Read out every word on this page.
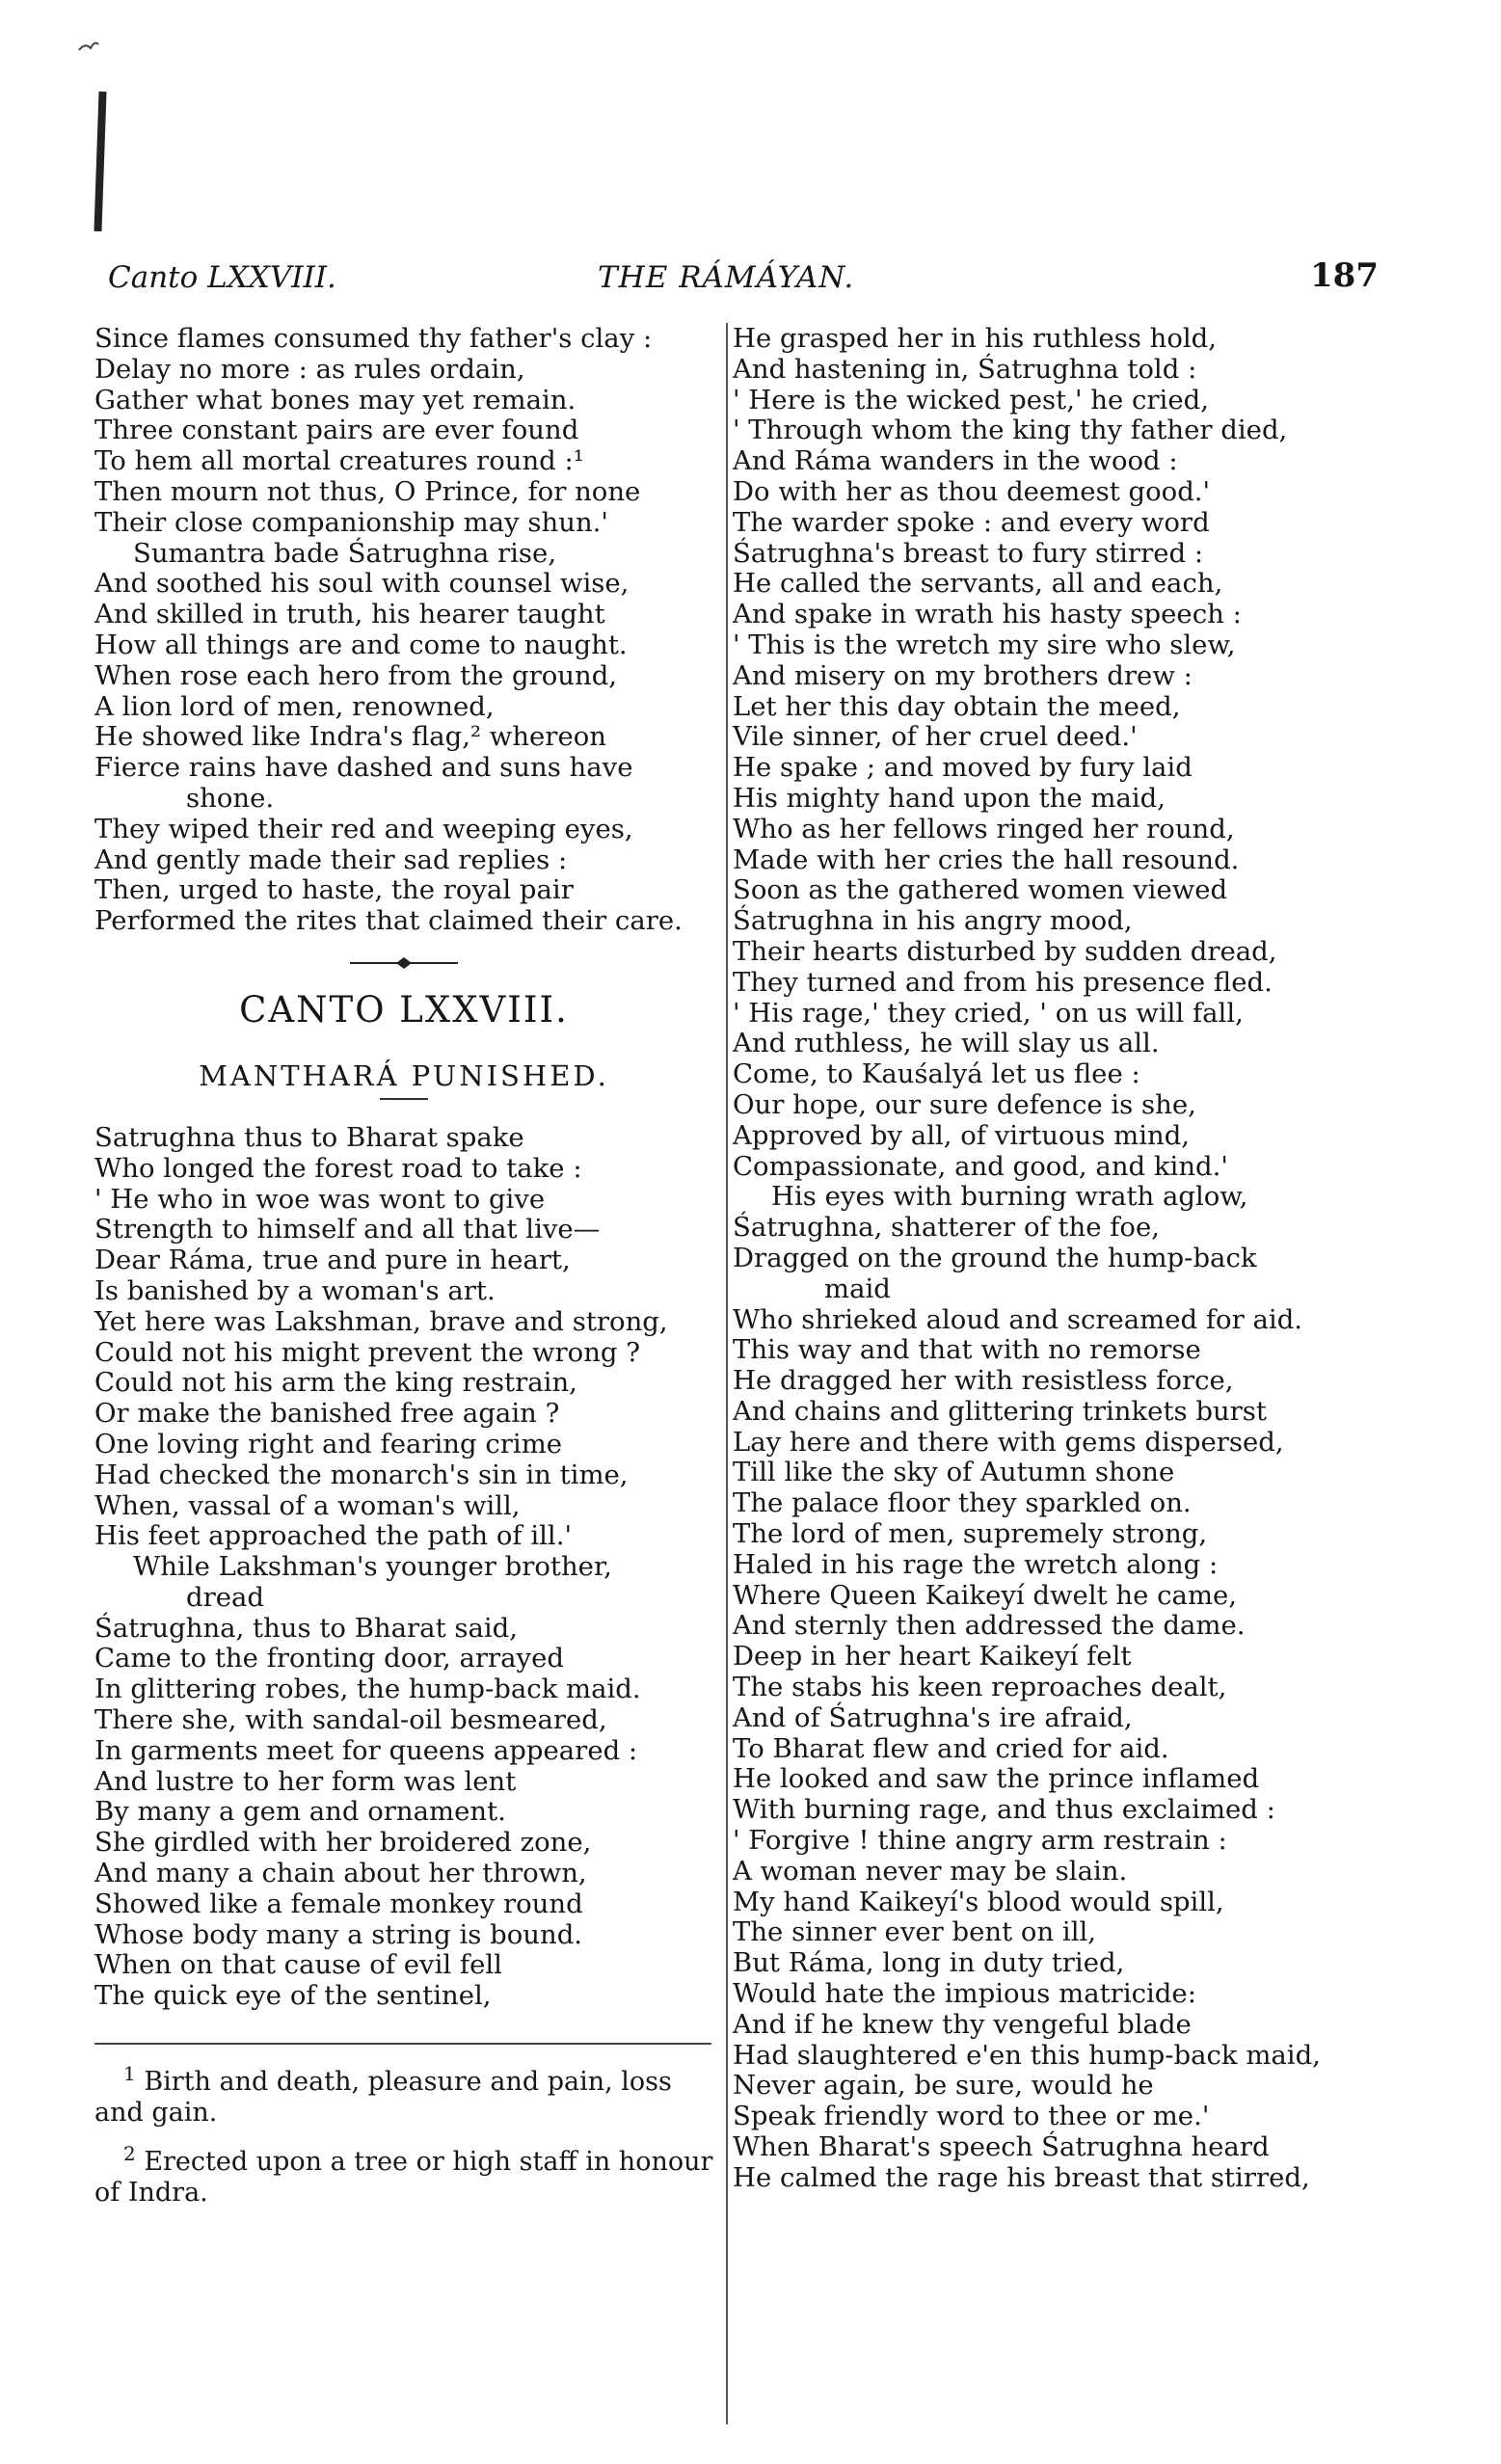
Canto LXXVIII.	THE RÁMÁYAN.	187
Since flames consumed thy father's clay :
Delay no more : as rules ordain,
Gather what bones may yet remain.
Three constant pairs are ever found
To hem all mortal creatures round :¹
Then mourn not thus, O Prince, for none
Their close companionship may shun.'
Sumantra bade Śatrughna rise,
And soothed his soul with counsel wise,
And skilled in truth, his hearer taught
How all things are and come to naught.
When rose each hero from the ground,
A lion lord of men, renowned,
He showed like Indra's flag,² whereon
Fierce rains have dashed and suns have
shone.
They wiped their red and weeping eyes,
And gently made their sad replies :
Then, urged to haste, the royal pair
Performed the rites that claimed their care.
CANTO LXXVIII.
MANTHARÁ PUNISHED.
Satrughna thus to Bharat spake
Who longed the forest road to take :
' He who in woe was wont to give
Strength to himself and all that live—
Dear Ráma, true and pure in heart,
Is banished by a woman's art.
Yet here was Lakshman, brave and strong,
Could not his might prevent the wrong ?
Could not his arm the king restrain,
Or make the banished free again ?
One loving right and fearing crime
Had checked the monarch's sin in time,
When, vassal of a woman's will,
His feet approached the path of ill.'
While Lakshman's younger brother,
dread
Śatrughna, thus to Bharat said,
Came to the fronting door, arrayed
In glittering robes, the hump-back maid.
There she, with sandal-oil besmeared,
In garments meet for queens appeared :
And lustre to her form was lent
By many a gem and ornament.
She girdled with her broidered zone,
And many a chain about her thrown,
Showed like a female monkey round
Whose body many a string is bound.
When on that cause of evil fell
The quick eye of the sentinel,
$^1$ Birth and death, pleasure and pain, loss and gain.
$^2$ Erected upon a tree or high staff in honour of Indra.
He grasped her in his ruthless hold,
And hastening in, Śatrughna told :
' Here is the wicked pest,' he cried,
' Through whom the king thy father died,
And Ráma wanders in the wood :
Do with her as thou deemest good.'
The warder spoke : and every word
Śatrughna's breast to fury stirred :
He called the servants, all and each,
And spake in wrath his hasty speech :
' This is the wretch my sire who slew,
And misery on my brothers drew :
Let her this day obtain the meed,
Vile sinner, of her cruel deed.'
He spake ; and moved by fury laid
His mighty hand upon the maid,
Who as her fellows ringed her round,
Made with her cries the hall resound.
Soon as the gathered women viewed
Śatrughna in his angry mood,
Their hearts disturbed by sudden dread,
They turned and from his presence fled.
' His rage,' they cried, ' on us will fall,
And ruthless, he will slay us all.
Come, to Kauśalyá let us flee :
Our hope, our sure defence is she,
Approved by all, of virtuous mind,
Compassionate, and good, and kind.'
His eyes with burning wrath aglow,
Śatrughna, shatterer of the foe,
Dragged on the ground the hump-back
maid
Who shrieked aloud and screamed for aid.
This way and that with no remorse
He dragged her with resistless force,
And chains and glittering trinkets burst
Lay here and there with gems dispersed,
Till like the sky of Autumn shone
The palace floor they sparkled on.
The lord of men, supremely strong,
Haled in his rage the wretch along :
Where Queen Kaikeyí dwelt he came,
And sternly then addressed the dame.
Deep in her heart Kaikeyí felt
The stabs his keen reproaches dealt,
And of Śatrughna's ire afraid,
To Bharat flew and cried for aid.
He looked and saw the prince inflamed
With burning rage, and thus exclaimed :
' Forgive ! thine angry arm restrain :
A woman never may be slain.
My hand Kaikeyí's blood would spill,
The sinner ever bent on ill,
But Ráma, long in duty tried,
Would hate the impious matricide:
And if he knew thy vengeful blade
Had slaughtered e'en this hump-back maid,
Never again, be sure, would he
Speak friendly word to thee or me.'
When Bharat's speech Śatrughna heard
He calmed the rage his breast that stirred,
